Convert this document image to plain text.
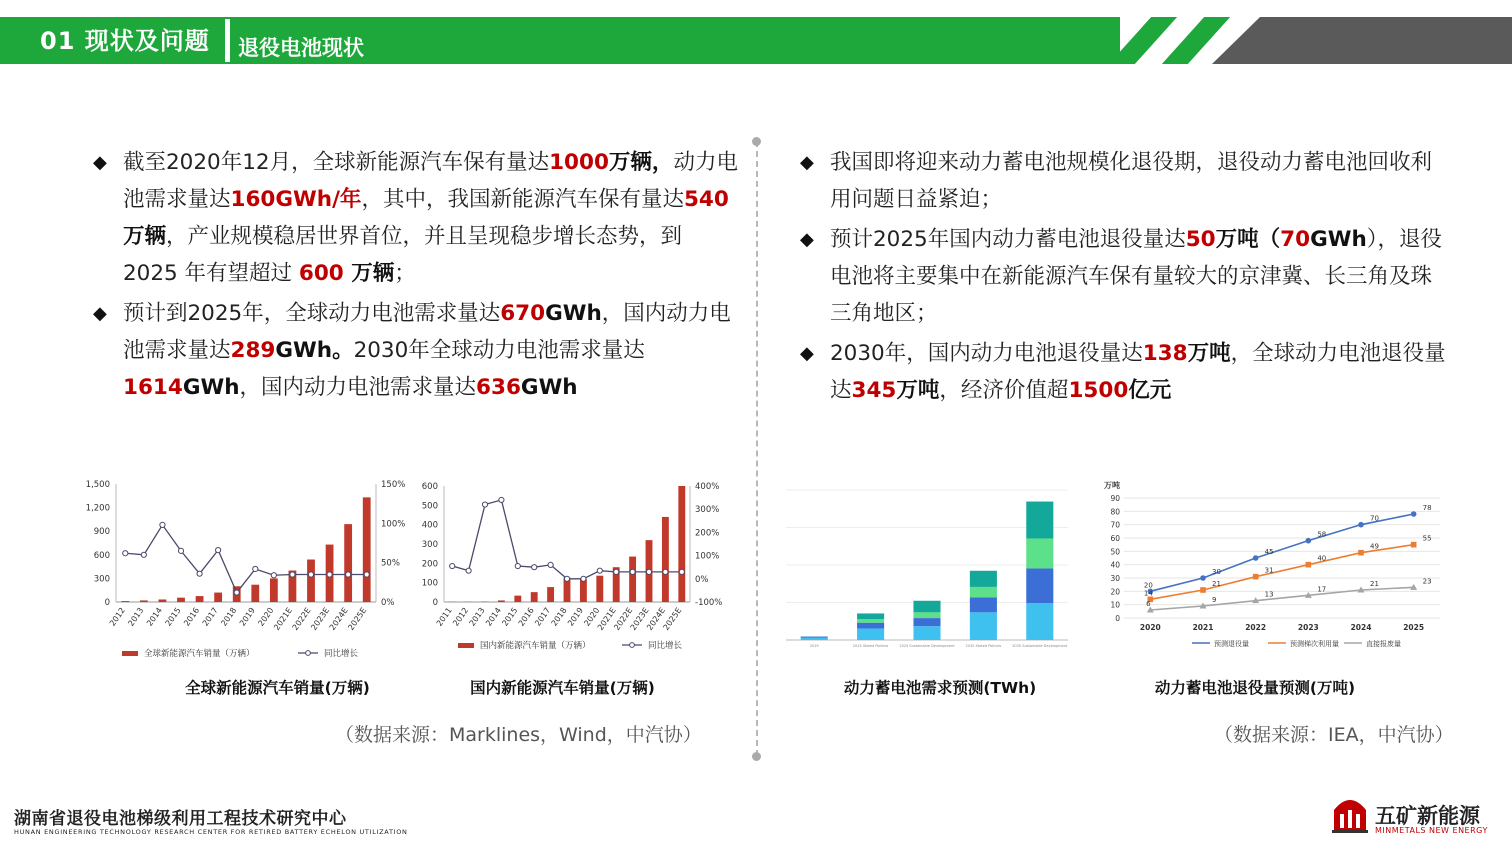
01 现状及问题 退役电池现状
◆ 截至2020年12月，全球新能源汽车保有量达1000万辆，动力电池需求量达160GWh/年，其中，我国新能源汽车保有量达540万辆，产业规模稳居世界首位，并且呈现稳步增长态势，到 2025 年有望超过 600 万辆；
◆ 预计到2025年，全球动力电池需求量达670GWh，国内动力电池需求量达289GWh。2030年全球动力电池需求量达1614GWh，国内动力电池需求量达636GWh
◆ 我国即将迎来动力蓄电池规模化退役期，退役动力蓄电池回收利用问题日益紧迫；
◆ 预计2025年国内动力蓄电池退役量达50万吨（70GWh），退役电池将主要集中在新能源汽车保有量较大的京津冀、长三角及珠三角地区；
◆ 2030年，国内动力电池退役量达138万吨，全球动力电池退役量达345万吨，经济价值超1500亿元
0
300
600
900
1,200
1,500
0%
50%
100%
150%
2012 2013 2014 2015 2016 2017 2018 2019 2020
2021E
2022E
2023E
2024E
2025E
全球新能源汽车销量（万辆）	同比增长
全球新能源汽车销量(万辆)
0
100
200
300
400
500
600
-100%
0%
100%
200%
300%
400%
2011
2012
2013
2014
2015
2016
2017
2018
2019
2020
2021E
2022E
2023E
2024E
2025E
国内新能源汽车销量（万辆）	同比增长
国内新能源汽车销量(万辆)
（数据来源：Marklines，Wind，中汽协）
2019	2025 Stated Policies	2025 Sustainable Development	2030 Stated Policies	2030 Sustainable Development
动力蓄电池需求预测(TWh)
万吨
0
10
20
30
40
50
60
70
80
90
2020	2021	2022	2023	2024	2025
20
30
45
58
70
78
14
21
31
40
49
55
6	9
13
17
21	23
预测退役量	预测梯次利用量	直接报废量
动力蓄电池退役量预测(万吨)
（数据来源：IEA，中汽协）
湖南省退役电池梯级利用工程技术研究中心
HUNAN ENGINEERING TECHNOLOGY RESEARCH CENTER FOR RETIRED BATTERY ECHELON UTILIZATION
五矿新能源
MINMETALS NEW ENERGY
